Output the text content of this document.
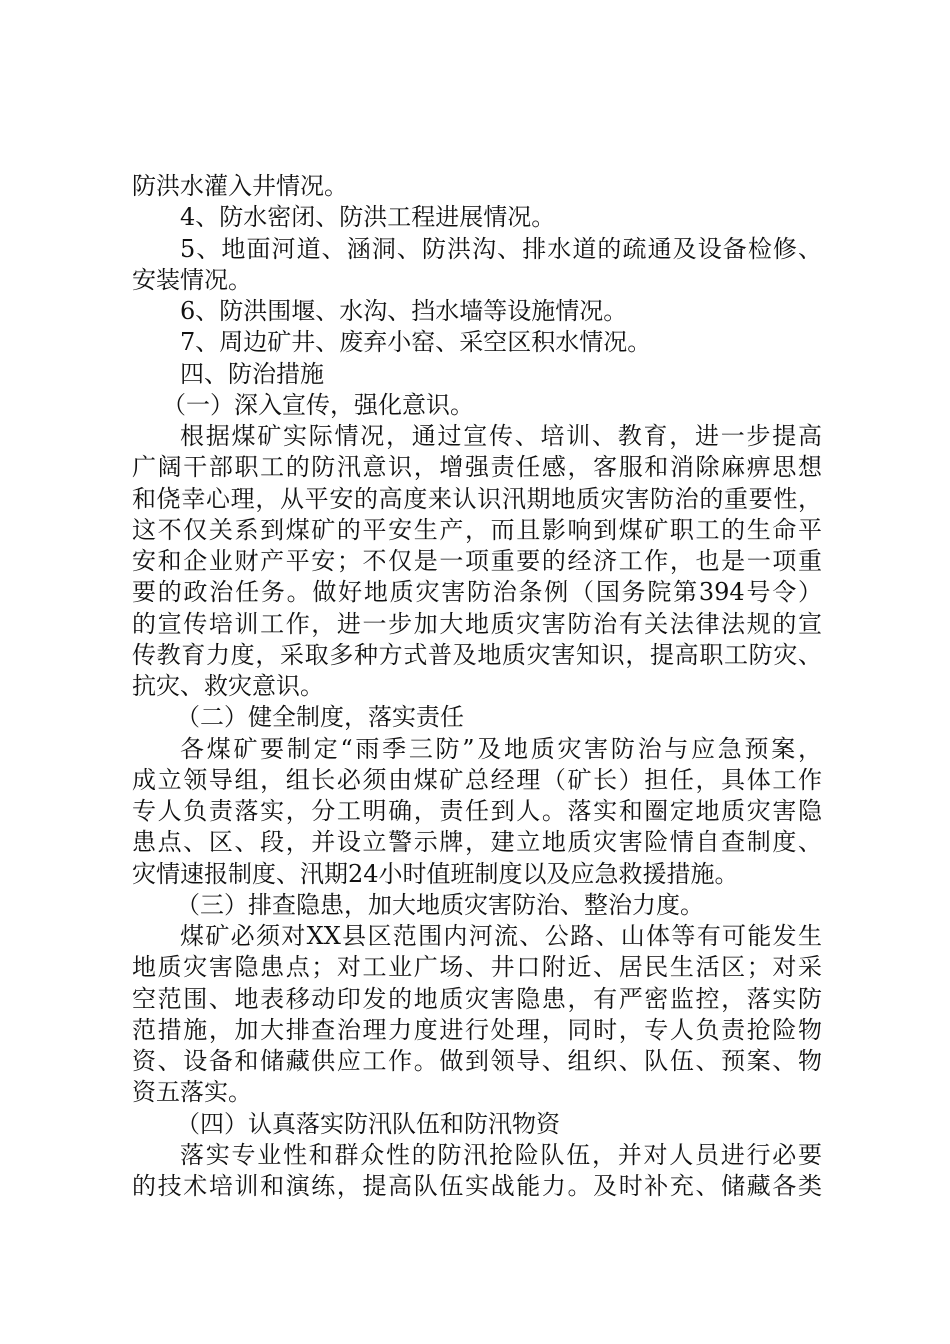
防洪水灌入井情况。
4、防水密闭、防洪工程进展情况。
5、地面河道、涵洞、防洪沟、排水道的疏通及设备检修、
安装情况。
6、防洪围堰、水沟、挡水墙等设施情况。
7、周边矿井、废弃小窑、采空区积水情况。
四、防治措施
（一）深入宣传，强化意识。
根据煤矿实际情况，通过宣传、培训、教育，进一步提高
广阔干部职工的防汛意识，增强责任感，客服和消除麻痹思想
和侥幸心理，从平安的高度来认识汛期地质灾害防治的重要性，
这不仅关系到煤矿的平安生产，而且影响到煤矿职工的生命平
安和企业财产平安；不仅是一项重要的经济工作，也是一项重
要的政治任务。做好地质灾害防治条例（国务院第394号令）
的宣传培训工作，进一步加大地质灾害防治有关法律法规的宣
传教育力度，采取多种方式普及地质灾害知识，提高职工防灾、
抗灾、救灾意识。
（二）健全制度，落实责任
各煤矿要制定“雨季三防”及地质灾害防治与应急预案，
成立领导组，组长必须由煤矿总经理（矿长）担任，具体工作
专人负责落实，分工明确，责任到人。落实和圈定地质灾害隐
患点、区、段，并设立警示牌，建立地质灾害险情自查制度、
灾情速报制度、汛期24小时值班制度以及应急救援措施。
（三）排查隐患，加大地质灾害防治、整治力度。
煤矿必须对XX县区范围内河流、公路、山体等有可能发生
地质灾害隐患点；对工业广场、井口附近、居民生活区；对采
空范围、地表移动印发的地质灾害隐患，有严密监控，落实防
范措施，加大排查治理力度进行处理，同时，专人负责抢险物
资、设备和储藏供应工作。做到领导、组织、队伍、预案、物
资五落实。
（四）认真落实防汛队伍和防汛物资
落实专业性和群众性的防汛抢险队伍，并对人员进行必要
的技术培训和演练，提高队伍实战能力。及时补充、储藏各类
